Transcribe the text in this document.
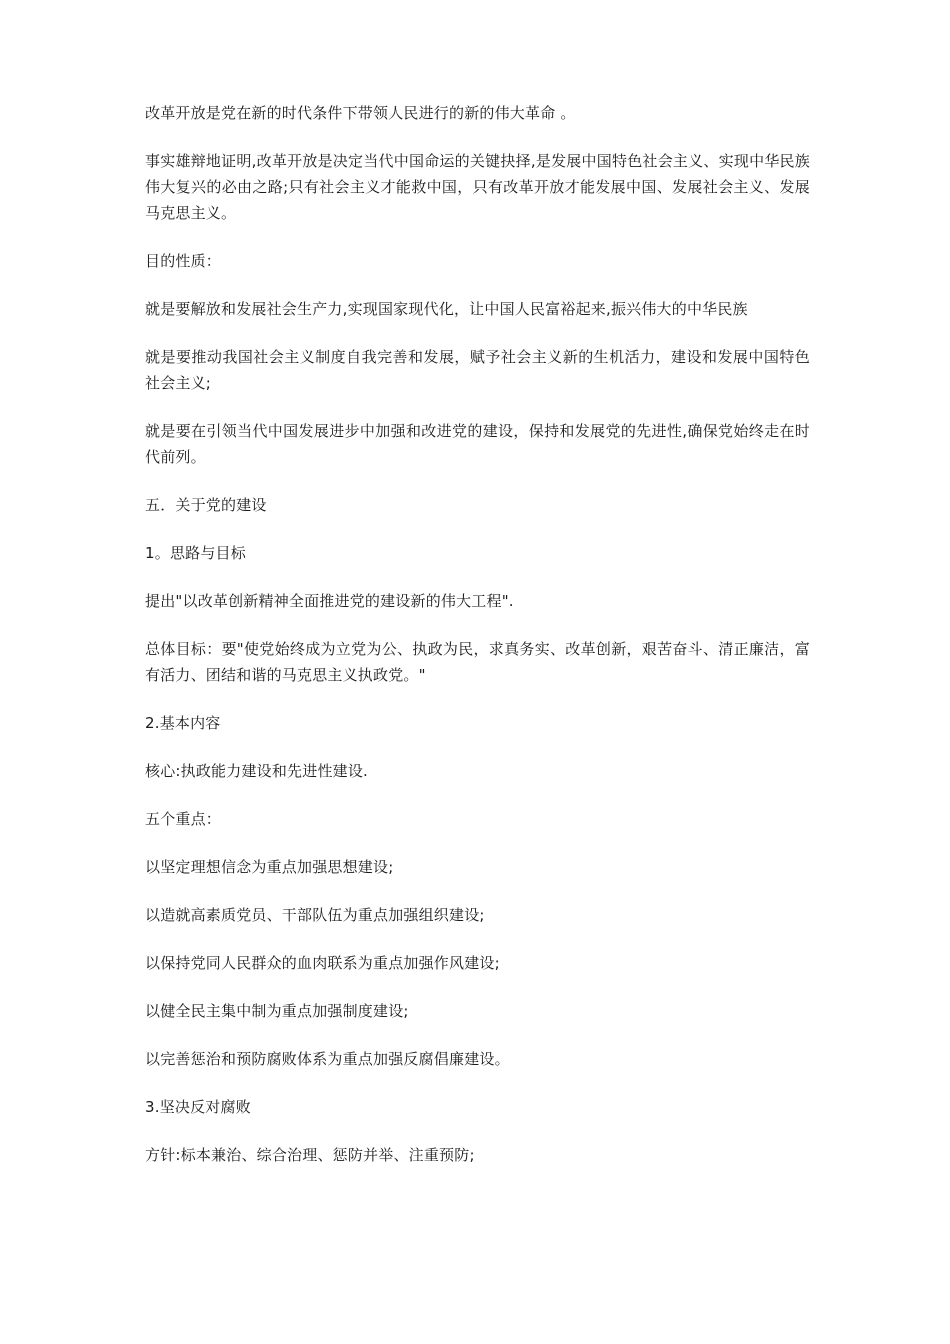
改革开放是党在新的时代条件下带领人民进行的新的伟大革命 。

事实雄辩地证明,改革开放是决定当代中国命运的关键抉择,是发展中国特色社会主义、实现中华民族伟大复兴的必由之路;只有社会主义才能救中国，只有改革开放才能发展中国、发展社会主义、发展马克思主义。

目的性质：

就是要解放和发展社会生产力,实现国家现代化，让中国人民富裕起来,振兴伟大的中华民族

就是要推动我国社会主义制度自我完善和发展，赋予社会主义新的生机活力，建设和发展中国特色社会主义;

就是要在引领当代中国发展进步中加强和改进党的建设，保持和发展党的先进性,确保党始终走在时代前列。

五．关于党的建设

1。思路与目标

提出"以改革创新精神全面推进党的建设新的伟大工程".

总体目标：要"使党始终成为立党为公、执政为民，求真务实、改革创新，艰苦奋斗、清正廉洁，富有活力、团结和谐的马克思主义执政党。"

2.基本内容

核心:执政能力建设和先进性建设.

五个重点：

以坚定理想信念为重点加强思想建设;

以造就高素质党员、干部队伍为重点加强组织建设;

以保持党同人民群众的血肉联系为重点加强作风建设;

以健全民主集中制为重点加强制度建设;

以完善惩治和预防腐败体系为重点加强反腐倡廉建设。

3.坚决反对腐败

方针:标本兼治、综合治理、惩防并举、注重预防;
